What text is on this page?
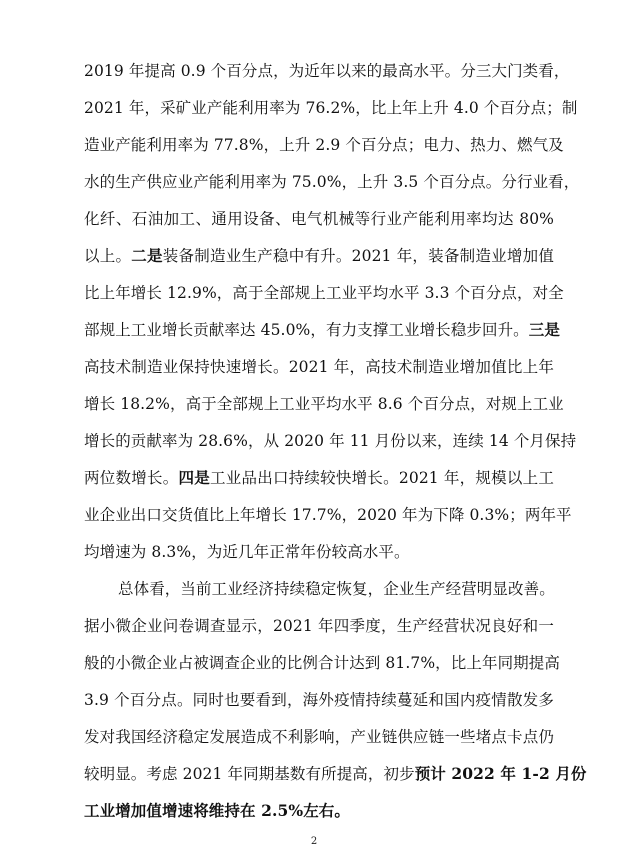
2019 年提高 0.9 个百分点，为近年以来的最高水平。分三大门类看，
2021 年，采矿业产能利用率为 76.2%，比上年上升 4.0 个百分点；制
造业产能利用率为 77.8%，上升 2.9 个百分点；电力、热力、燃气及
水的生产供应业产能利用率为 75.0%，上升 3.5 个百分点。分行业看，
化纤、石油加工、通用设备、电气机械等行业产能利用率均达 80%
以上。二是装备制造业生产稳中有升。2021 年，装备制造业增加值
比上年增长 12.9%，高于全部规上工业平均水平 3.3 个百分点，对全
部规上工业增长贡献率达 45.0%，有力支撑工业增长稳步回升。三是
高技术制造业保持快速增长。2021 年，高技术制造业增加值比上年
增长 18.2%，高于全部规上工业平均水平 8.6 个百分点，对规上工业
增长的贡献率为 28.6%，从 2020 年 11 月份以来，连续 14 个月保持
两位数增长。四是工业品出口持续较快增长。2021 年，规模以上工
业企业出口交货值比上年增长 17.7%，2020 年为下降 0.3%；两年平
均增速为 8.3%，为近几年正常年份较高水平。
总体看，当前工业经济持续稳定恢复，企业生产经营明显改善。
据小微企业问卷调查显示，2021 年四季度，生产经营状况良好和一
般的小微企业占被调查企业的比例合计达到 81.7%，比上年同期提高
3.9 个百分点。同时也要看到，海外疫情持续蔓延和国内疫情散发多
发对我国经济稳定发展造成不利影响，产业链供应链一些堵点卡点仍
较明显。考虑 2021 年同期基数有所提高，初步预计 2022 年 1-2 月份
工业增加值增速将维持在 2.5%左右。
2
